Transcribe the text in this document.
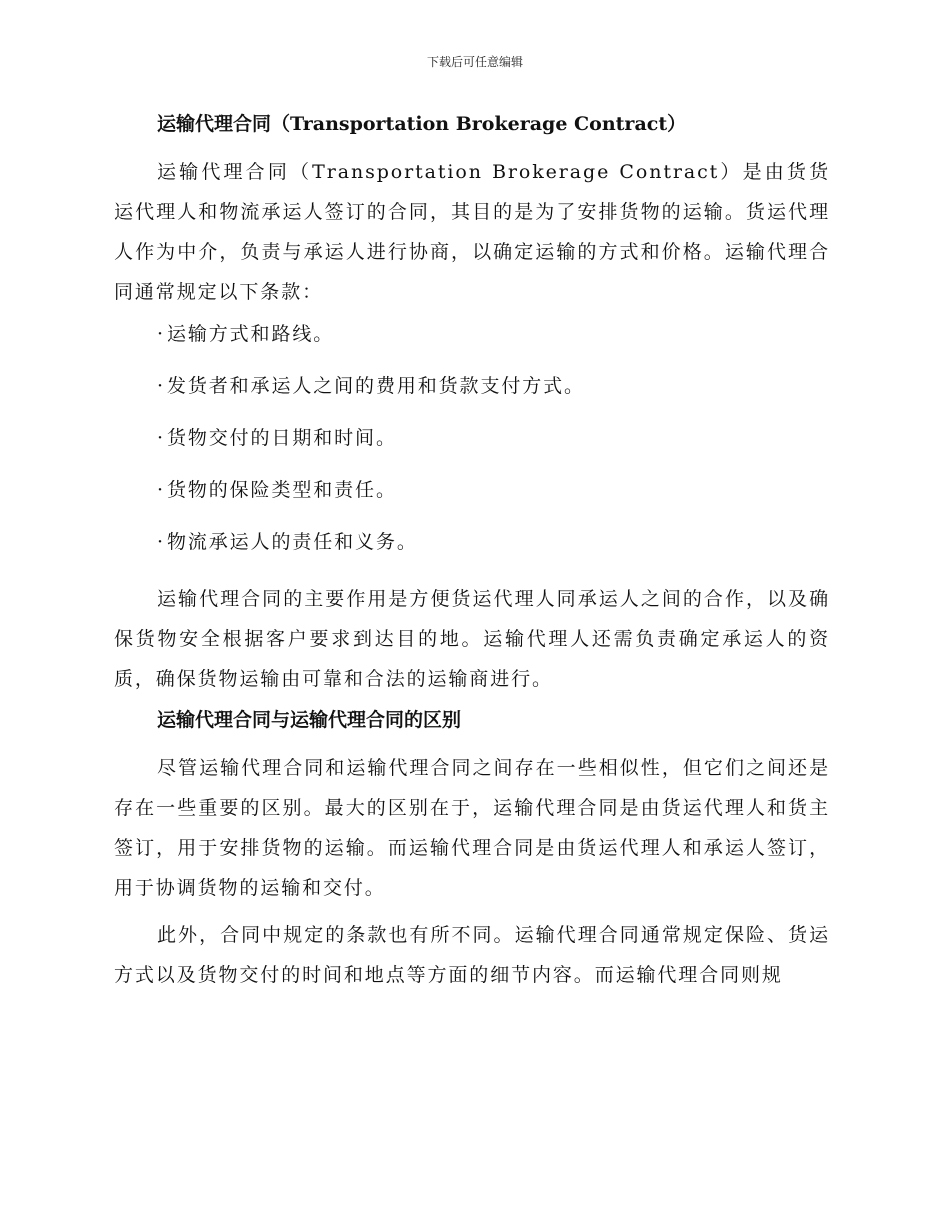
下载后可任意编辑
运输代理合同（Transportation Brokerage Contract）

运输代理合同（Transportation Brokerage Contract）是由货货运代理人和物流承运人签订的合同，其目的是为了安排货物的运输。货运代理人作为中介，负责与承运人进行协商，以确定运输的方式和价格。运输代理合同通常规定以下条款：

· 运输方式和路线。
· 发货者和承运人之间的费用和货款支付方式。
· 货物交付的日期和时间。
· 货物的保险类型和责任。
· 物流承运人的责任和义务。

运输代理合同的主要作用是方便货运代理人同承运人之间的合作，以及确保货物安全根据客户要求到达目的地。运输代理人还需负责确定承运人的资质，确保货物运输由可靠和合法的运输商进行。

运输代理合同与运输代理合同的区别

尽管运输代理合同和运输代理合同之间存在一些相似性，但它们之间还是存在一些重要的区别。最大的区别在于，运输代理合同是由货运代理人和货主签订，用于安排货物的运输。而运输代理合同是由货运代理人和承运人签订，用于协调货物的运输和交付。

此外，合同中规定的条款也有所不同。运输代理合同通常规定保险、货运方式以及货物交付的时间和地点等方面的细节内容。而运输代理合同则规
